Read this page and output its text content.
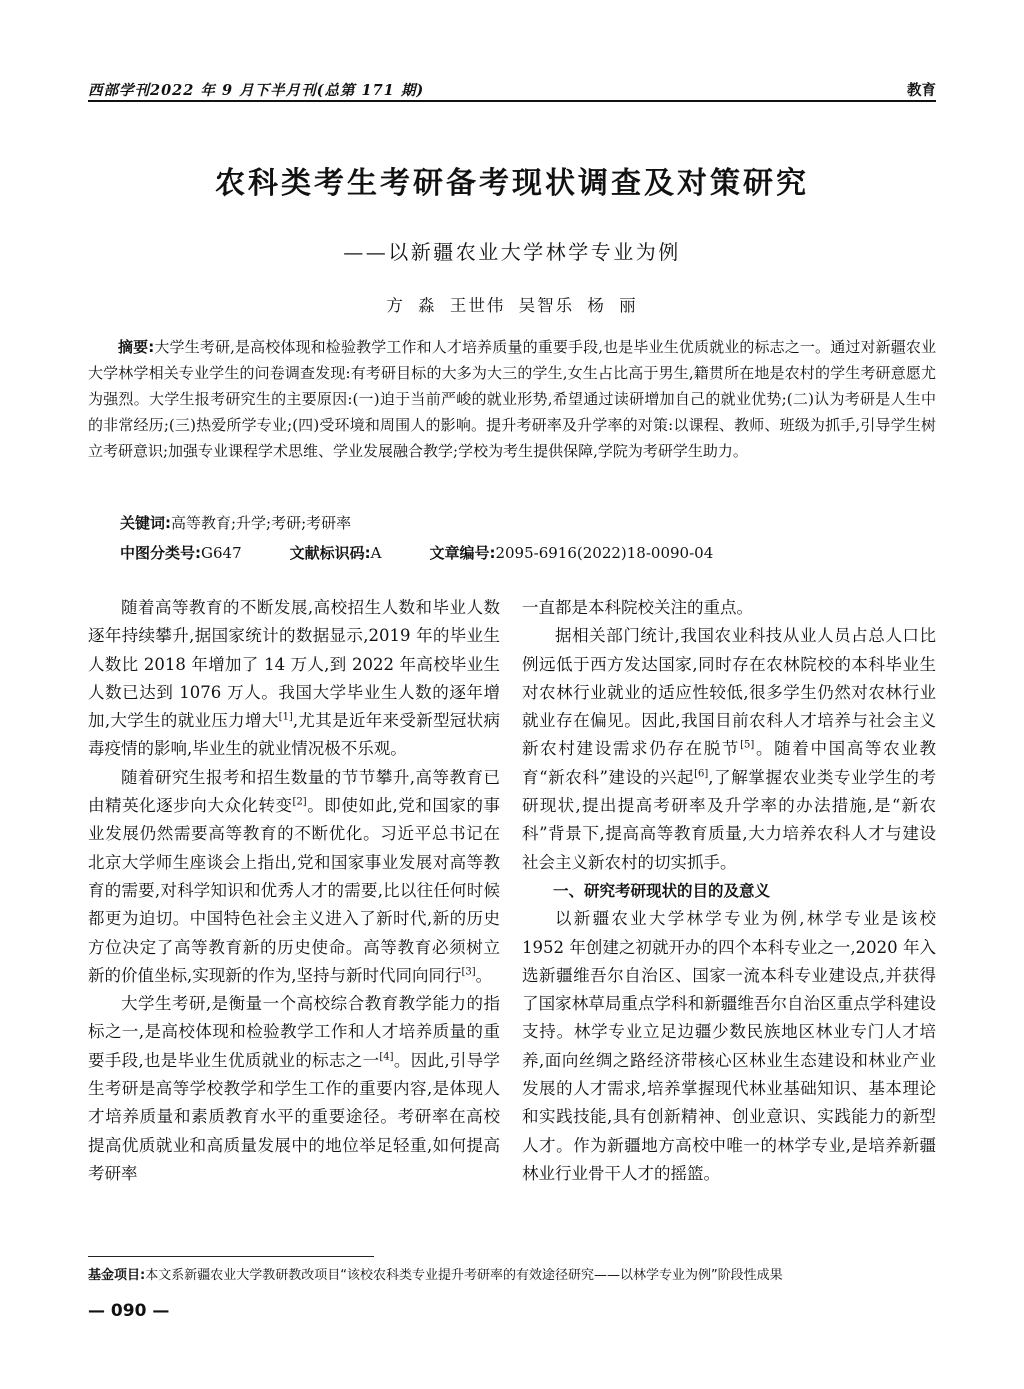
西部学刊2022 年 9 月下半月刊(总第 171 期)	教育
农科类考生考研备考现状调查及对策研究
——以新疆农业大学林学专业为例
方 淼 王世伟 吴智乐 杨 丽

摘要:大学生考研,是高校体现和检验教学工作和人才培养质量的重要手段,也是毕业生优质就业的标志之一。通过对新疆农业大学林学相关专业学生的问卷调查发现:有考研目标的大多为大三的学生,女生占比高于男生,籍贯所在地是农村的学生考研意愿尤为强烈。大学生报考研究生的主要原因:(一)迫于当前严峻的就业形势,希望通过读研增加自己的就业优势;(二)认为考研是人生中的非常经历;(三)热爱所学专业;(四)受环境和周围人的影响。提升考研率及升学率的对策:以课程、教师、班级为抓手,引导学生树立考研意识;加强专业课程学术思维、学业发展融合教学;学校为考生提供保障,学院为考研学生助力。

关键词:高等教育;升学;考研;考研率
中图分类号:G647	文献标识码:A	文章编号:2095-6916(2022)18-0090-04

随着高等教育的不断发展,高校招生人数和毕业人数逐年持续攀升,据国家统计的数据显示,2019 年的毕业生人数比 2018 年增加了 14 万人,到 2022 年高校毕业生人数已达到 1076 万人。我国大学毕业生人数的逐年增加,大学生的就业压力增大[1],尤其是近年来受新型冠状病毒疫情的影响,毕业生的就业情况极不乐观。

随着研究生报考和招生数量的节节攀升,高等教育已由精英化逐步向大众化转变[2]。即使如此,党和国家的事业发展仍然需要高等教育的不断优化。习近平总书记在北京大学师生座谈会上指出,党和国家事业发展对高等教育的需要,对科学知识和优秀人才的需要,比以往任何时候都更为迫切。中国特色社会主义进入了新时代,新的历史方位决定了高等教育新的历史使命。高等教育必须树立新的价值坐标,实现新的作为,坚持与新时代同向同行[3]。

大学生考研,是衡量一个高校综合教育教学能力的指标之一,是高校体现和检验教学工作和人才培养质量的重要手段,也是毕业生优质就业的标志之一[4]。因此,引导学生考研是高等学校教学和学生工作的重要内容,是体现人才培养质量和素质教育水平的重要途径。考研率在高校提高优质就业和高质量发展中的地位举足轻重,如何提高考研率

一直都是本科院校关注的重点。

据相关部门统计,我国农业科技从业人员占总人口比例远低于西方发达国家,同时存在农林院校的本科毕业生对农林行业就业的适应性较低,很多学生仍然对农林行业就业存在偏见。因此,我国目前农科人才培养与社会主义新农村建设需求仍存在脱节[5]。随着中国高等农业教育“新农科”建设的兴起[6],了解掌握农业类专业学生的考研现状,提出提高考研率及升学率的办法措施,是“新农科”背景下,提高高等教育质量,大力培养农科人才与建设社会主义新农村的切实抓手。

一、研究考研现状的目的及意义

以新疆农业大学林学专业为例,林学专业是该校 1952 年创建之初就开办的四个本科专业之一,2020 年入选新疆维吾尔自治区、国家一流本科专业建设点,并获得了国家林草局重点学科和新疆维吾尔自治区重点学科建设支持。林学专业立足边疆少数民族地区林业专门人才培养,面向丝绸之路经济带核心区林业生态建设和林业产业发展的人才需求,培养掌握现代林业基础知识、基本理论和实践技能,具有创新精神、创业意识、实践能力的新型人才。作为新疆地方高校中唯一的林学专业,是培养新疆林业行业骨干人才的摇篮。

基金项目:本文系新疆农业大学教研教改项目“该校农科类专业提升考研率的有效途径研究——以林学专业为例”阶段性成果
— 090 —
